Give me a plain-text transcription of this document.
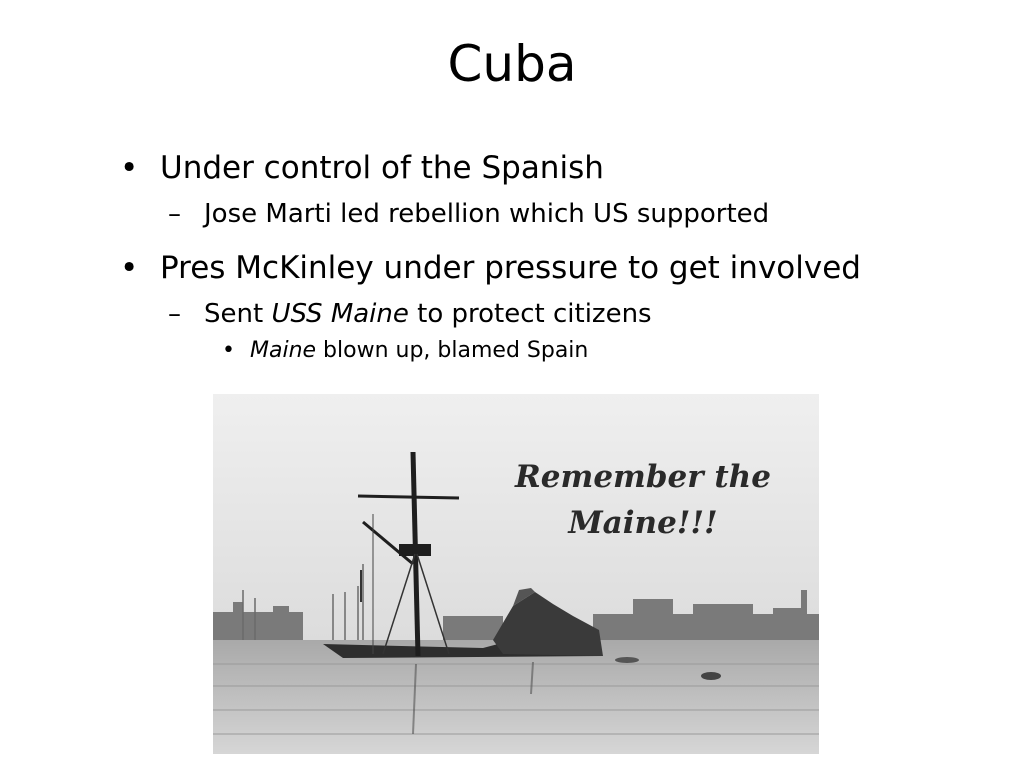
Cuba
• Under control of the Spanish
– Jose Marti led rebellion which US supported
• Pres McKinley under pressure to get involved
– Sent USS Maine to protect citizens
• Maine blown up, blamed Spain
Remember the
Maine!!!
